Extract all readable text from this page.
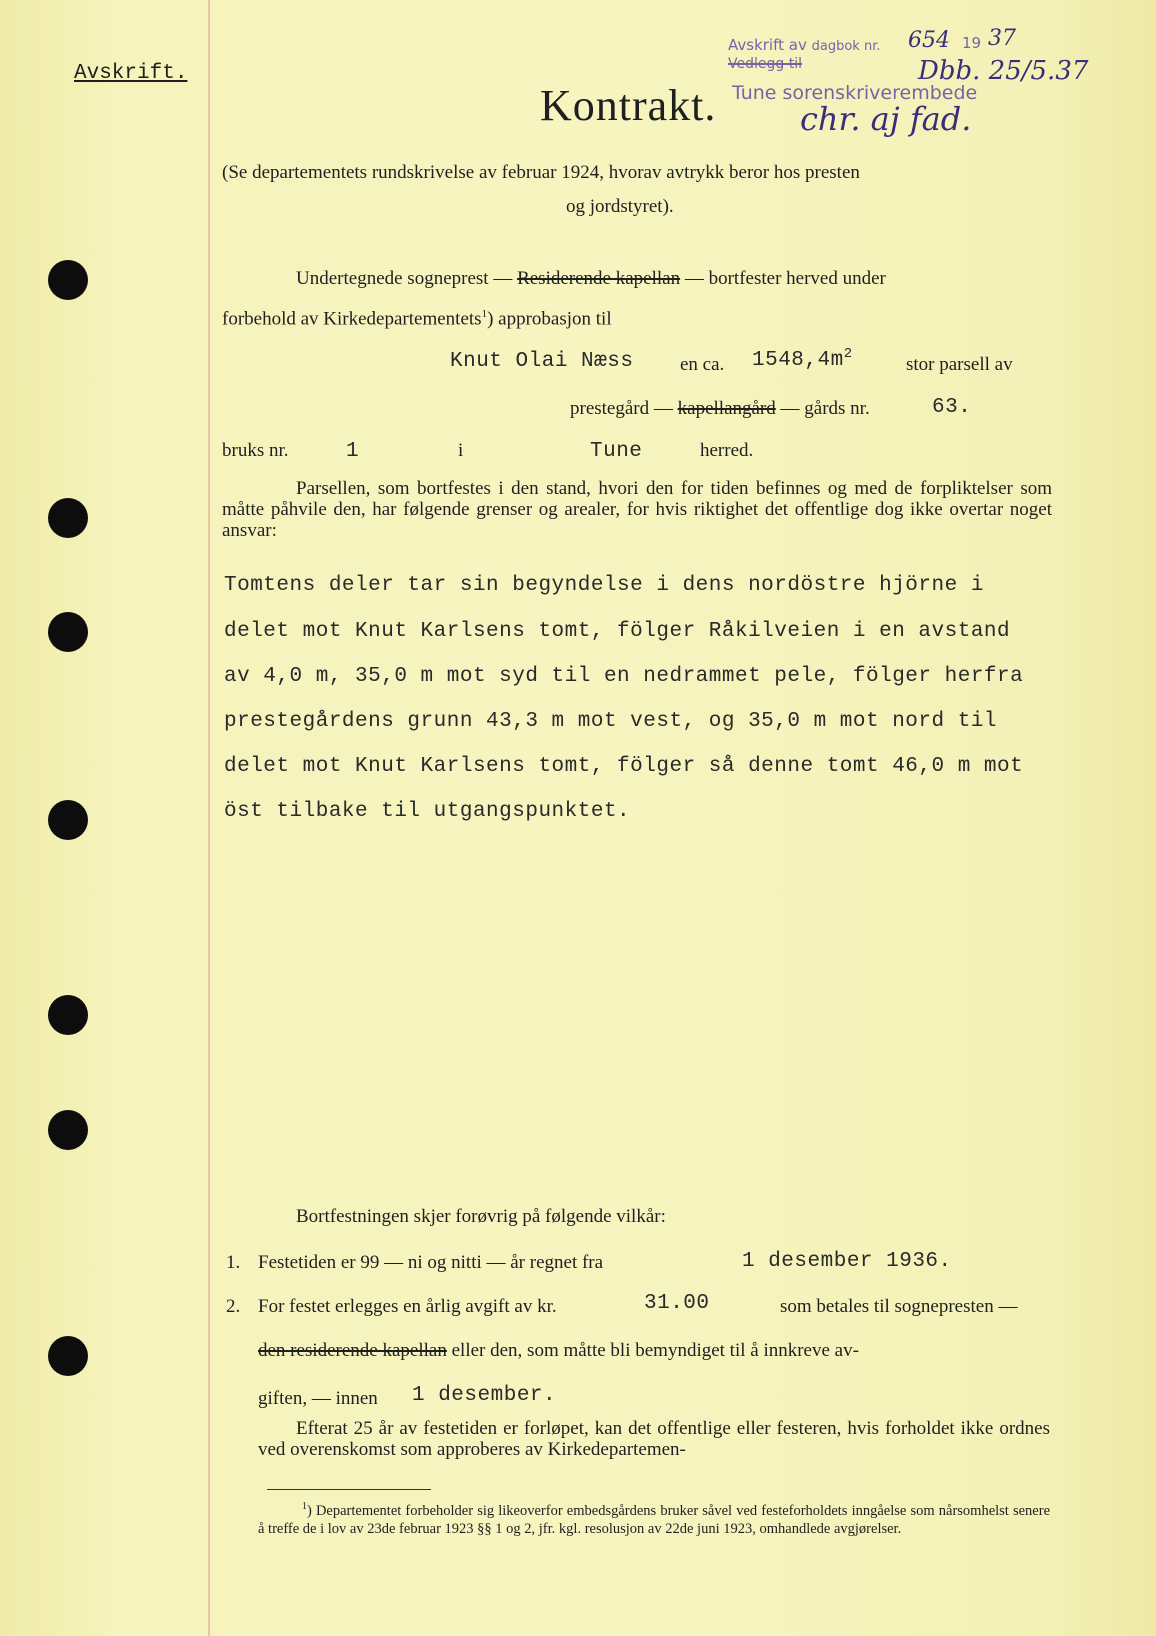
Avskrift.
Kontrakt.
Avskrift av dagbok nr. 654 19 37
Vedlegg til
Tune sorenskriverembede
Dbb. 25/5.37
chr. aj fad.
(Se departementets rundskrivelse av februar 1924, hvorav avtrykk beror hos presten
og jordstyret).
Undertegnede sogneprest — Residerende kapellan — bortfester herved under
forbehold av Kirkedepartementets$^1$) approbasjon til
Knut Olai Næss en ca. $1548,4m^2$	stor parsell av
prestegård — kapellangård — gårds nr.	63.
bruks nr.	1	i	Tune	herred.
Parsellen, som bortfestes i den stand, hvori den for tiden befinnes og med de forpliktelser som måtte påhvile den, har følgende grenser og arealer, for hvis riktighet det offentlige dog ikke overtar noget ansvar:
Tomtens deler tar sin begyndelse i dens nordöstre hjörne i
delet mot Knut Karlsens tomt, fölger Råkilveien i en avstand
av 4,0 m, 35,0 m mot syd til en nedrammet pele, fölger herfra
prestegårdens grunn 43,3 m mot vest, og 35,0 m mot nord til
delet mot Knut Karlsens tomt, fölger så denne tomt 46,0 m mot
öst tilbake til utgangspunktet.
Bortfestningen skjer forøvrig på følgende vilkår:
1. Festetiden er 99 — ni og nitti — år regnet fra	1 desember 1936.
2. For festet erlegges en årlig avgift av kr.	31.00	som betales til sognepresten —
den residerende kapellan eller den, som måtte bli bemyndiget til å innkreve av-
giften, — innen 1 desember.
Efterat 25 år av festetiden er forløpet, kan det offentlige eller festeren, hvis forholdet ikke ordnes ved overenskomst som approberes av Kirkedepartemen-
$^1$) Departementet forbeholder sig likeoverfor embedsgårdens bruker såvel ved festeforholdets inngåelse som nårsomhelst senere å treffe de i lov av 23de februar 1923 §§ 1 og 2, jfr. kgl. resolusjon av 22de juni 1923, omhandlede avgjørelser.
